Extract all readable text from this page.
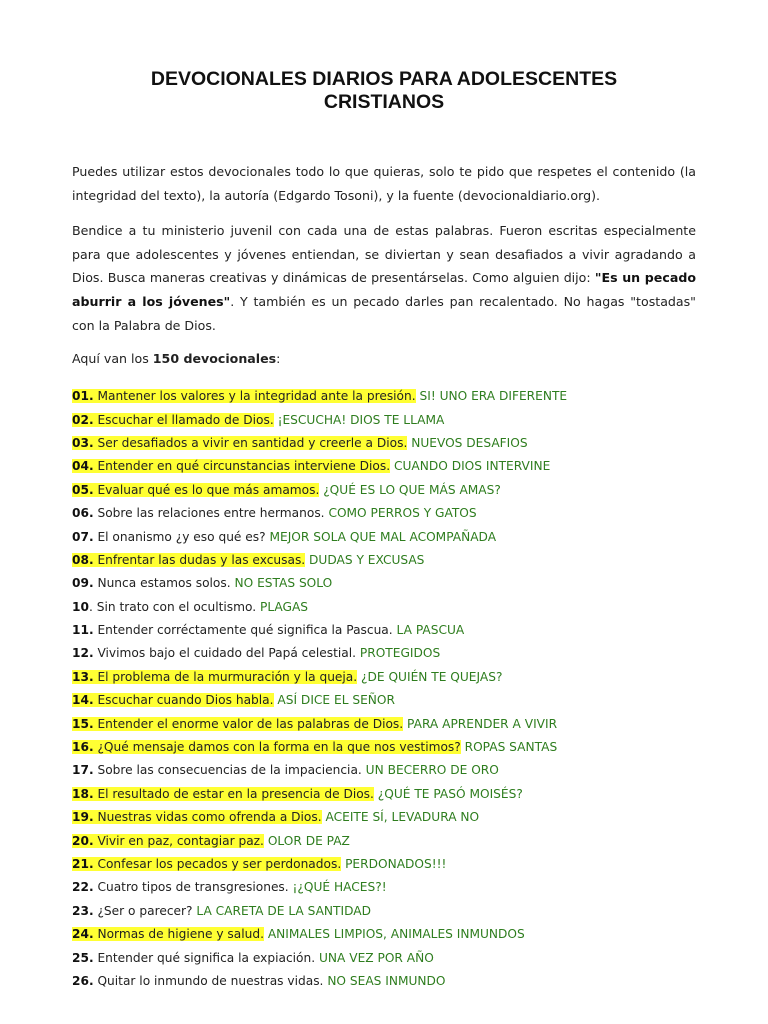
DEVOCIONALES DIARIOS PARA ADOLESCENTES
CRISTIANOS

Puedes utilizar estos devocionales todo lo que quieras, solo te pido que respetes el contenido (la integridad del texto), la autoría (Edgardo Tosoni), y la fuente (devocionaldiario.org).

Bendice a tu ministerio juvenil con cada una de estas palabras. Fueron escritas especialmente para que adolescentes y jóvenes entiendan, se diviertan y sean desafiados a vivir agradando a Dios. Busca maneras creativas y dinámicas de presentárselas. Como alguien dijo: "Es un pecado aburrir a los jóvenes". Y también es un pecado darles pan recalentado. No hagas "tostadas" con la Palabra de Dios.

Aquí van los 150 devocionales:

01. Mantener los valores y la integridad ante la presión. SI! UNO ERA DIFERENTE
02. Escuchar el llamado de Dios. ¡ESCUCHA! DIOS TE LLAMA
03. Ser desafiados a vivir en santidad y creerle a Dios. NUEVOS DESAFIOS
04. Entender en qué circunstancias interviene Dios. CUANDO DIOS INTERVINE
05. Evaluar qué es lo que más amamos. ¿QUÉ ES LO QUE MÁS AMAS?
06. Sobre las relaciones entre hermanos. COMO PERROS Y GATOS
07. El onanismo ¿y eso qué es? MEJOR SOLA QUE MAL ACOMPAÑADA
08. Enfrentar las dudas y las excusas. DUDAS Y EXCUSAS
09. Nunca estamos solos. NO ESTAS SOLO
10. Sin trato con el ocultismo. PLAGAS
11. Entender corréctamente qué significa la Pascua. LA PASCUA
12. Vivimos bajo el cuidado del Papá celestial. PROTEGIDOS
13. El problema de la murmuración y la queja. ¿DE QUIÉN TE QUEJAS?
14. Escuchar cuando Dios habla. ASÍ DICE EL SEÑOR
15. Entender el enorme valor de las palabras de Dios. PARA APRENDER A VIVIR
16. ¿Qué mensaje damos con la forma en la que nos vestimos? ROPAS SANTAS
17. Sobre las consecuencias de la impaciencia. UN BECERRO DE ORO
18. El resultado de estar en la presencia de Dios. ¿QUÉ TE PASÓ MOISÉS?
19. Nuestras vidas como ofrenda a Dios. ACEITE SÍ, LEVADURA NO
20. Vivir en paz, contagiar paz. OLOR DE PAZ
21. Confesar los pecados y ser perdonados. PERDONADOS!!!
22. Cuatro tipos de transgresiones. ¡¿QUÉ HACES?!
23. ¿Ser o parecer? LA CARETA DE LA SANTIDAD
24. Normas de higiene y salud. ANIMALES LIMPIOS, ANIMALES INMUNDOS
25. Entender qué significa la expiación. UNA VEZ POR AÑO
26. Quitar lo inmundo de nuestras vidas. NO SEAS INMUNDO
